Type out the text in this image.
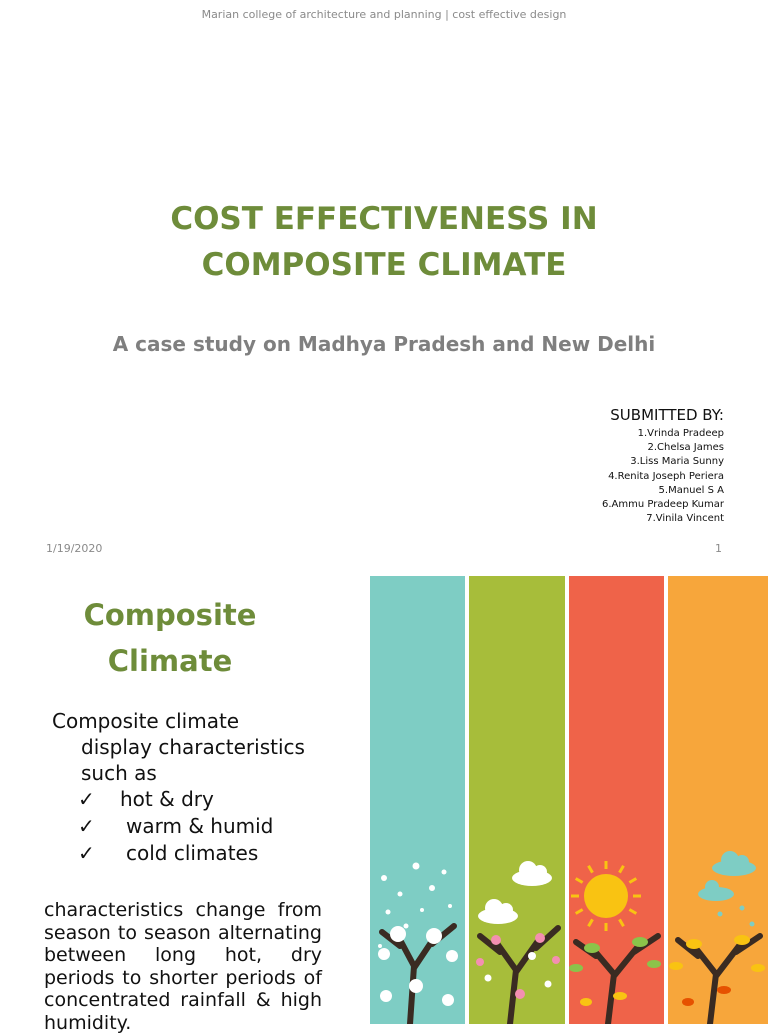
Marian college of architecture and planning | cost effective design
COST EFFECTIVENESS IN
COMPOSITE CLIMATE
A case study on Madhya Pradesh and New Delhi
SUBMITTED BY:
1.Vrinda Pradeep
2.Chelsa James
3.Liss Maria Sunny
4.Renita Joseph Periera
5.Manuel S A
6.Ammu Pradeep Kumar
7.Vinila Vincent
1/19/2020	1
Composite
Climate
Composite climate
display characteristics
such as
✓ hot & dry
✓ warm & humid
✓ cold climates
characteristics change from season to season alternating between long hot, dry periods to shorter periods of concentrated rainfall & high humidity.
